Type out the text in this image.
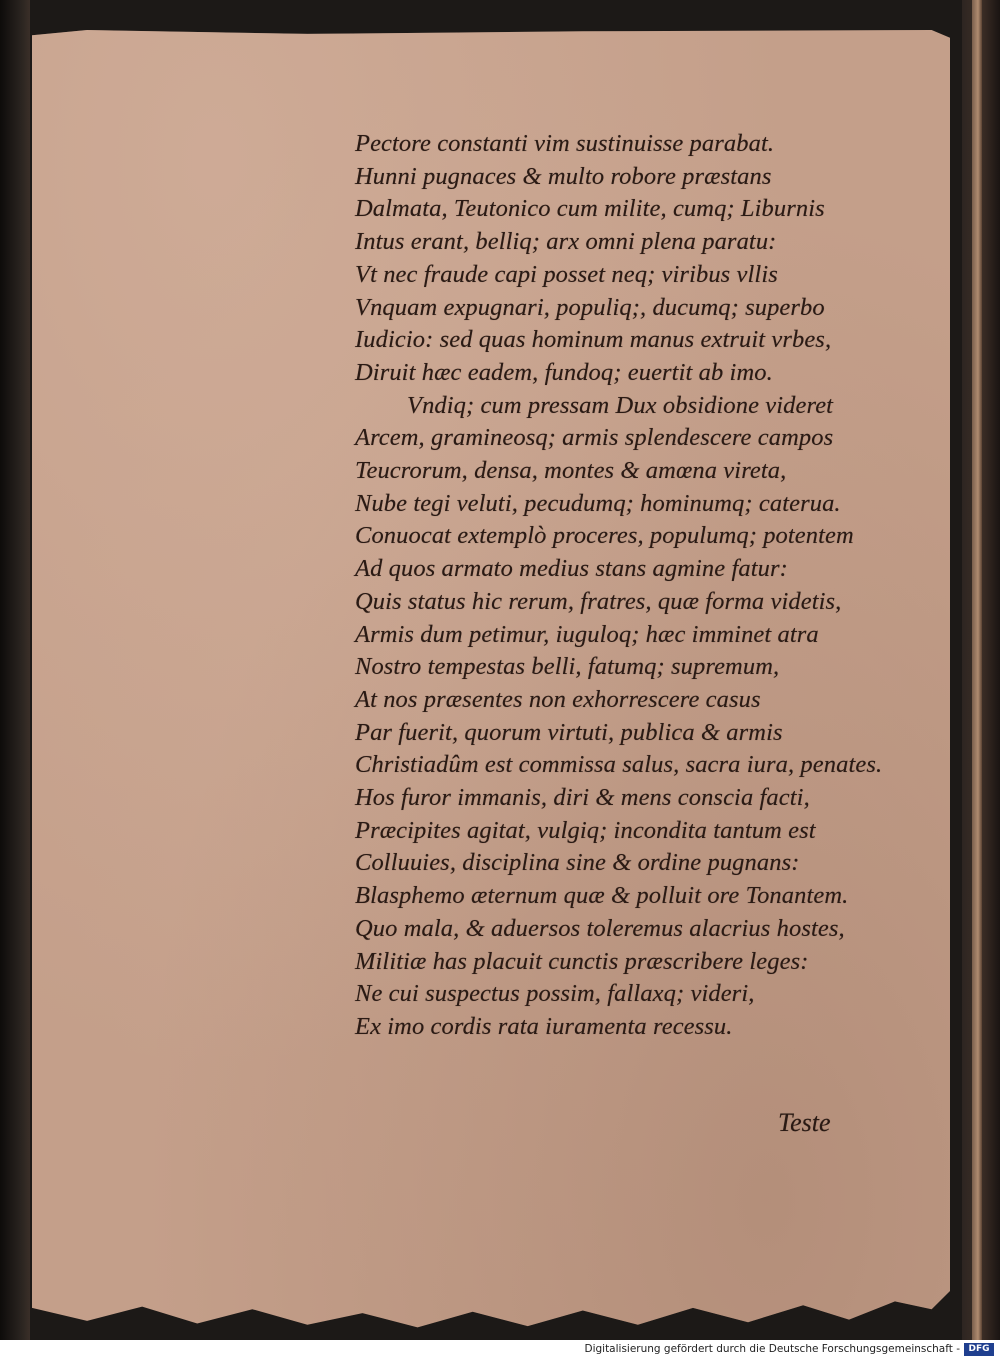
Pectore constanti vim sustinuisse parabat.
Hunni pugnaces & multo robore præstans
Dalmata, Teutonico cum milite, cumq; Liburnis
Intus erant, belliq; arx omni plena paratu:
Vt nec fraude capi posset neq; viribus vllis
Vnquam expugnari, populiq;, ducumq; superbo
Iudicio: sed quas hominum manus extruit vrbes,
Diruit hæc eadem, fundoq; euertit ab imo.
Vndiq; cum pressam Dux obsidione videret
Arcem, gramineosq; armis splendescere campos
Teucrorum, densa, montes & amœna vireta,
Nube tegi veluti, pecudumq; hominumq; caterua.
Conuocat extemplò proceres, populumq; potentem
Ad quos armato medius stans agmine fatur:
Quis status hic rerum, fratres, quæ forma videtis,
Armis dum petimur, iuguloq; hæc imminet atra
Nostro tempestas belli, fatumq; supremum,
At nos præsentes non exhorrescere casus
Par fuerit, quorum virtuti, publica & armis
Christiadûm est commissa salus, sacra iura, penates.
Hos furor immanis, diri & mens conscia facti,
Præcipites agitat, vulgiq; incondita tantum est
Colluuies, disciplina sine & ordine pugnans:
Blasphemo æternum quæ & polluit ore Tonantem.
Quo mala, & aduersos toleremus alacrius hostes,
Militiæ has placuit cunctis præscribere leges:
Ne cui suspectus possim, fallaxq; videri,
Ex imo cordis rata iuramenta recessu.
Teste
Digitalisierung gefördert durch die Deutsche Forschungsgemeinschaft - DFG
